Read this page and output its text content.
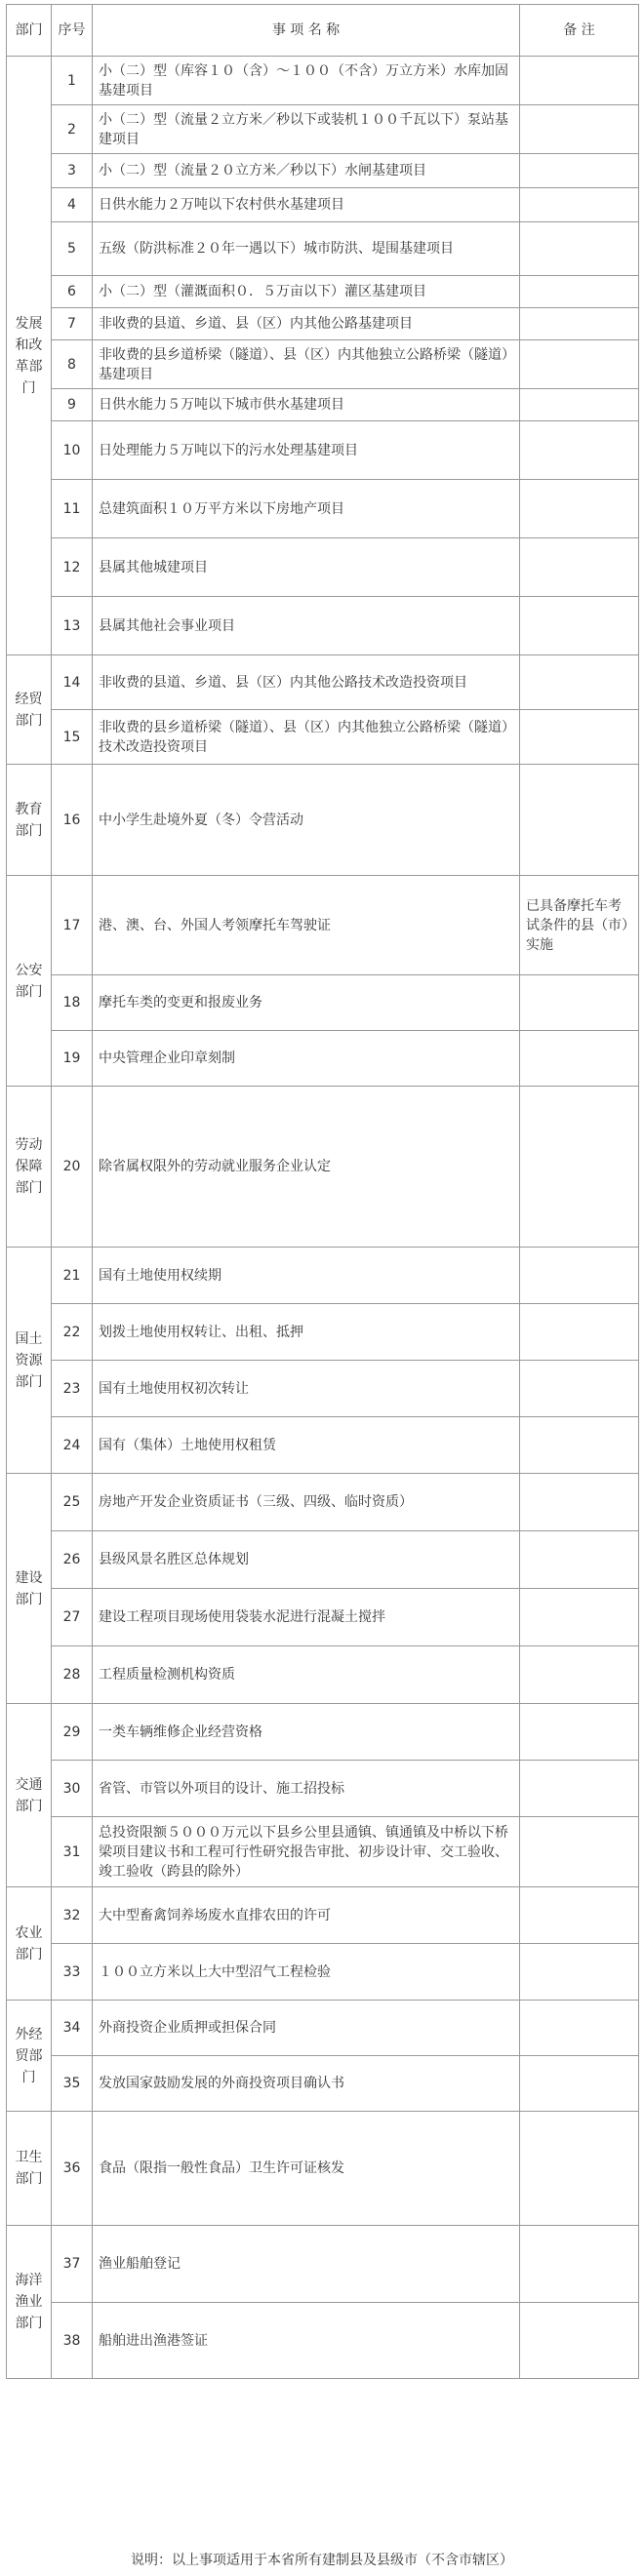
部门	序号	事 项 名 称	备 注
发展和改革部门	1	小（二）型（库容１０（含）～１００（不含）万立方米）水库加固基建项目	
	2	小（二）型（流量２立方米／秒以下或装机１００千瓦以下）泵站基建项目	
	3	小（二）型（流量２０立方米／秒以下）水闸基建项目	
	4	日供水能力２万吨以下农村供水基建项目	
	5	五级（防洪标准２０年一遇以下）城市防洪、堤围基建项目	
	6	小（二）型（灌溉面积０．５万亩以下）灌区基建项目	
	7	非收费的县道、乡道、县（区）内其他公路基建项目	
	8	非收费的县乡道桥梁（隧道）、县（区）内其他独立公路桥梁（隧道）基建项目	
	9	日供水能力５万吨以下城市供水基建项目	
	10	日处理能力５万吨以下的污水处理基建项目	
	11	总建筑面积１０万平方米以下房地产项目	
	12	县属其他城建项目	
	13	县属其他社会事业项目	
经贸部门	14	非收费的县道、乡道、县（区）内其他公路技术改造投资项目	
	15	非收费的县乡道桥梁（隧道）、县（区）内其他独立公路桥梁（隧道）技术改造投资项目	
教育部门	16	中小学生赴境外夏（冬）令营活动	
公安部门	17	港、澳、台、外国人考领摩托车驾驶证	已具备摩托车考试条件的县（市）实施
	18	摩托车类的变更和报废业务	
	19	中央管理企业印章刻制	
劳动保障部门	20	除省属权限外的劳动就业服务企业认定	
国土资源部门	21	国有土地使用权续期	
	22	划拨土地使用权转让、出租、抵押	
	23	国有土地使用权初次转让	
	24	国有（集体）土地使用权租赁	
建设部门	25	房地产开发企业资质证书（三级、四级、临时资质）	
	26	县级风景名胜区总体规划	
	27	建设工程项目现场使用袋装水泥进行混凝土搅拌	
	28	工程质量检测机构资质	
交通部门	29	一类车辆维修企业经营资格	
	30	省管、市管以外项目的设计、施工招投标	
	31	总投资限额５０００万元以下县乡公里县通镇、镇通镇及中桥以下桥梁项目建议书和工程可行性研究报告审批、初步设计审、交工验收、竣工验收（跨县的除外）	
农业部门	32	大中型畜禽饲养场废水直排农田的许可	
	33	１００立方米以上大中型沼气工程检验	
外经贸部门	34	外商投资企业质押或担保合同	
	35	发放国家鼓励发展的外商投资项目确认书	
卫生部门	36	食品（限指一般性食品）卫生许可证核发	
海洋渔业部门	37	渔业船舶登记	
	38	船舶进出渔港签证	
说明：以上事项适用于本省所有建制县及县级市（不含市辖区）
